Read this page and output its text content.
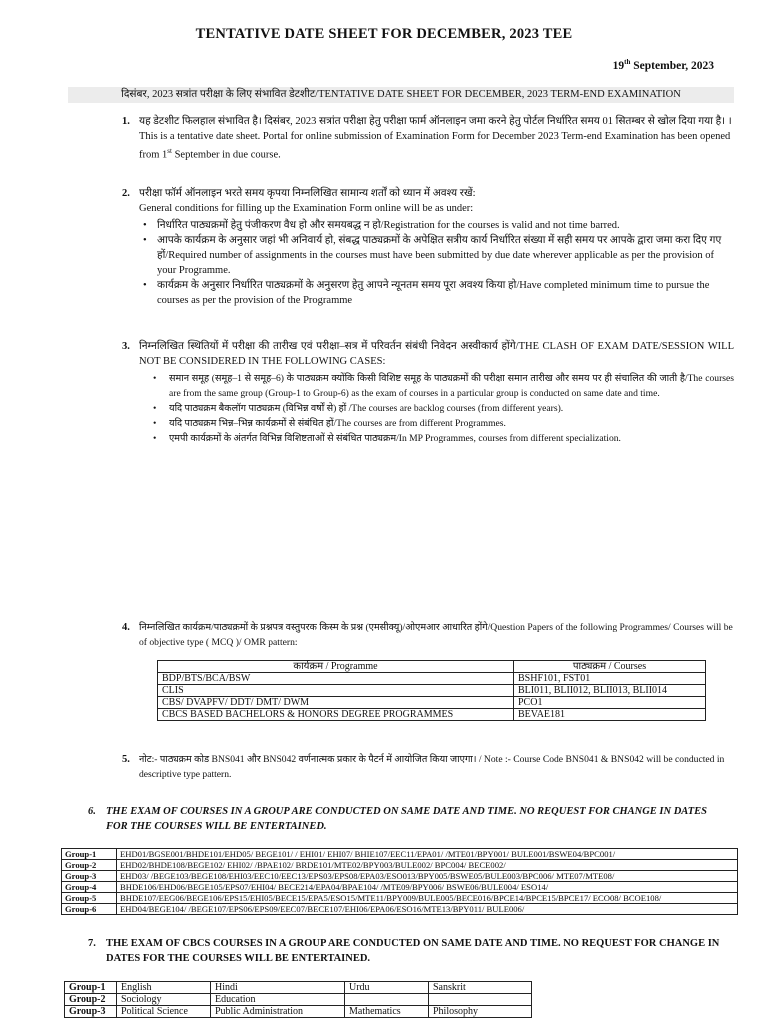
TENTATIVE DATE SHEET FOR DECEMBER, 2023 TEE
19th September, 2023
दिसंबर, 2023 सत्रांत परीक्षा के लिए संभावित डेटशीट/TENTATIVE DATE SHEET FOR DECEMBER, 2023 TERM-END EXAMINATION
1. यह डेटशीट फिलहाल संभावित है। दिसंबर, 2023 सत्रांत परीक्षा हेतु परीक्षा फार्म ऑनलाइन जमा करने हेतु पोर्टल निर्धारित समय 01 सितम्बर से खोल दिया गया है। ।

This is a tentative date sheet. Portal for online submission of Examination Form for December 2023 Term-end Examination has been opened from 1st September in due course.

2. परीक्षा फॉर्म ऑनलाइन भरते समय कृपया निम्नलिखित सामान्य शर्तों को ध्यान में अवश्य रखें:

General conditions for filling up the Examination Form online will be as under:

• निर्धारित पाठ्यक्रमों हेतु पंजीकरण वैध हो और समयबद्ध न हो/Registration for the courses is valid and not time barred.
• आपके कार्यक्रम के अनुसार जहां भी अनिवार्य हो, संबद्ध पाठ्यक्रमों के अपेक्षित सत्रीय कार्य निर्धारित संख्या में सही समय पर आपके द्वारा जमा करा दिए गए हों/Required number of assignments in the courses must have been submitted by due date wherever applicable as per the provision of your Programme.
• कार्यक्रम के अनुसार निर्धारित पाठ्यक्रमों के अनुसरण हेतु आपने न्यूनतम समय पूरा अवश्य किया हो/Have completed minimum time to pursue the courses as per the provision of the Programme
3. निम्नलिखित स्थितियों में परीक्षा की तारीख एवं परीक्षा–सत्र में परिवर्तन संबंधी निवेदन अस्वीकार्य होंगे/THE CLASH OF EXAM DATE/SESSION WILL NOT BE CONSIDERED IN THE FOLLOWING CASES:

• समान समूह (समूह–1 से समूह–6) के पाठ्यक्रम क्योंकि किसी विशिष्ट समूह के पाठ्यक्रमों की परीक्षा समान तारीख और समय पर ही संचालित की जाती है/The courses are from the same group (Group-1 to Group-6) as the exam of courses in a particular group is conducted on same date and time.
• यदि पाठ्यक्रम बैकलॉग पाठ्यक्रम (विभिन्न वर्षों से) हों /The courses are backlog courses (from different years).
• यदि पाठ्यक्रम भिन्न–भिन्न कार्यक्रमों से संबंधित हों/The courses are from different Programmes.
• एमपी कार्यक्रमों के अंतर्गत विभिन्न विशिष्टताओं से संबंधित पाठ्यक्रम/In MP Programmes, courses from different specialization.
4. निम्नलिखित कार्यक्रम/पाठ्यक्रमों के प्रश्नपत्र वस्तुपरक किस्म के प्रश्न (एमसीक्यू)/ओएमआर आधारित होंगे/Question Papers of the following Programmes/ Courses will be of objective type ( MCQ )/ OMR pattern:

कार्यक्रम / Programme	पाठ्यक्रम / Courses
BDP/BTS/BCA/BSW	BSHF101, FST01
CLIS	BLI011, BLII012, BLII013, BLII014
CBS/ DVAPFV/ DDT/ DMT/ DWM	PCO1
CBCS BASED BACHELORS & HONORS DEGREE PROGRAMMES	BEVAE181
5. नोट:- पाठ्यक्रम कोड BNS041 और BNS042 वर्णनात्मक प्रकार के पैटर्न में आयोजित किया जाएगा। / Note :- Course Code BNS041 & BNS042 will be conducted in descriptive type pattern.

6. THE EXAM OF COURSES IN A GROUP ARE CONDUCTED ON SAME DATE AND TIME. NO REQUEST FOR CHANGE IN DATES
FOR THE COURSES WILL BE ENTERTAINED.
Group-1	EHD01/BGSE001/BHDE101/EHD05/ BEGE101/ / EHI01/ EHI07/ BHIE107/EEC11/EPA01/ /MTE01/BPY001/ BULE001/BSWE04/BPC001/
Group-2	EHD02/BHDE108/BEGE102/ EHI02/ /BPAE102/ BRDE101/MTE02/BPY003/BULE002/ BPC004/ BECE002/
Group-3	EHD03/ /BEGE103/BEGE108/EHI03/EEC10/EEC13/EPS03/EPS08/EPA03/ESO013/BPY005/BSWE05/BULE003/BPC006/ MTE07/MTE08/
Group-4	BHDE106/EHD06/BEGE105/EPS07/EHI04/ BECE214/EPA04/BPAE104/ /MTE09/BPY006/ BSWE06/BULE004/ ESO14/
Group-5	BHDE107/EEG06/BEGE106/EPS15/EHI05/BECE15/EPA5/ESO15/MTE11/BPY009/BULE005/BECE016/BPCE14/BPCE15/BPCE17/ ECO08/ BCOE108/
Group-6	EHD04/BEGE104/ /BEGE107/EPS06/EPS09/EEC07/BECE107/EHI06/EPA06/ESO16/MTE13/BPY011/ BULE006/
7. THE EXAM OF CBCS COURSES IN A GROUP ARE CONDUCTED ON SAME DATE AND TIME. NO REQUEST FOR CHANGE IN
DATES FOR THE COURSES WILL BE ENTERTAINED.
Group-1	English	Hindi	Urdu	Sanskrit
Group-2	Sociology	Education		
Group-3	Political Science	Public Administration	Mathematics	Philosophy
